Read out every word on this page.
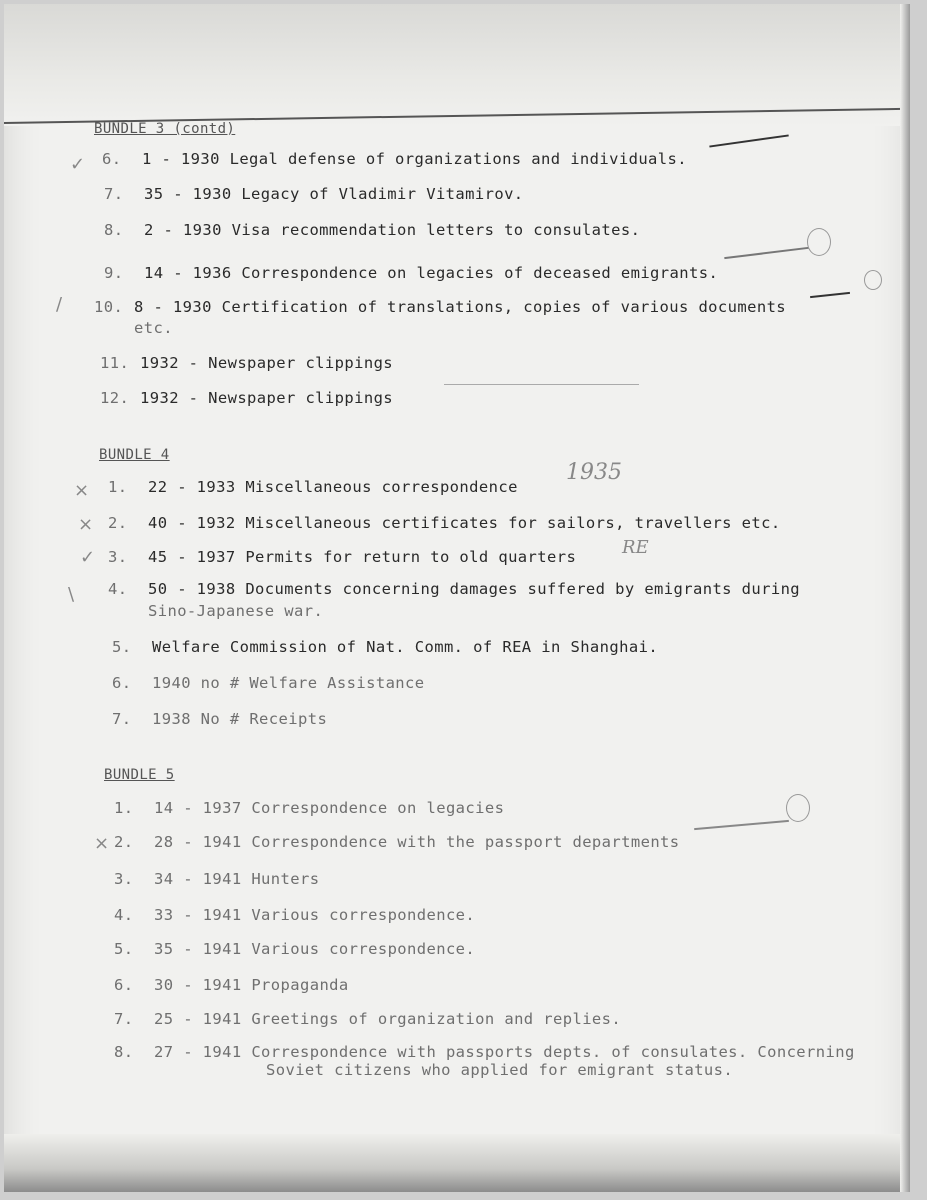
BUNDLE 3 (contd)
6. 1 - 1930 Legal defense of organizations and individuals.
7. 35 - 1930 Legacy of Vladimir Vitamirov.
8. 2 - 1930 Visa recommendation letters to consulates.
9. 14 - 1936 Correspondence on legacies of deceased emigrants.
10. 8 - 1930 Certification of translations, copies of various documents
etc.
11. 1932 - Newspaper clippings
12. 1932 - Newspaper clippings
BUNDLE 4
1. 22 - 1933 Miscellaneous correspondence
2. 40 - 1932 Miscellaneous certificates for sailors, travellers etc.
3. 45 - 1937 Permits for return to old quarters
4. 50 - 1938 Documents concerning damages suffered by emigrants during
Sino-Japanese war.
5. Welfare Commission of Nat. Comm. of REA in Shanghai.
6. 1940 no # Welfare Assistance
7. 1938 No # Receipts
BUNDLE 5
1. 14 - 1937 Correspondence on legacies
2. 28 - 1941 Correspondence with the passport departments
3. 34 - 1941 Hunters
4. 33 - 1941 Various correspondence.
5. 35 - 1941 Various correspondence.
6. 30 - 1941 Propaganda
7. 25 - 1941 Greetings of organization and replies.
8. 27 - 1941 Correspondence with passports depts. of consulates. Concerning
Soviet citizens who applied for emigrant status.
1935
RE
✓
/
×
×
✓
\
×
